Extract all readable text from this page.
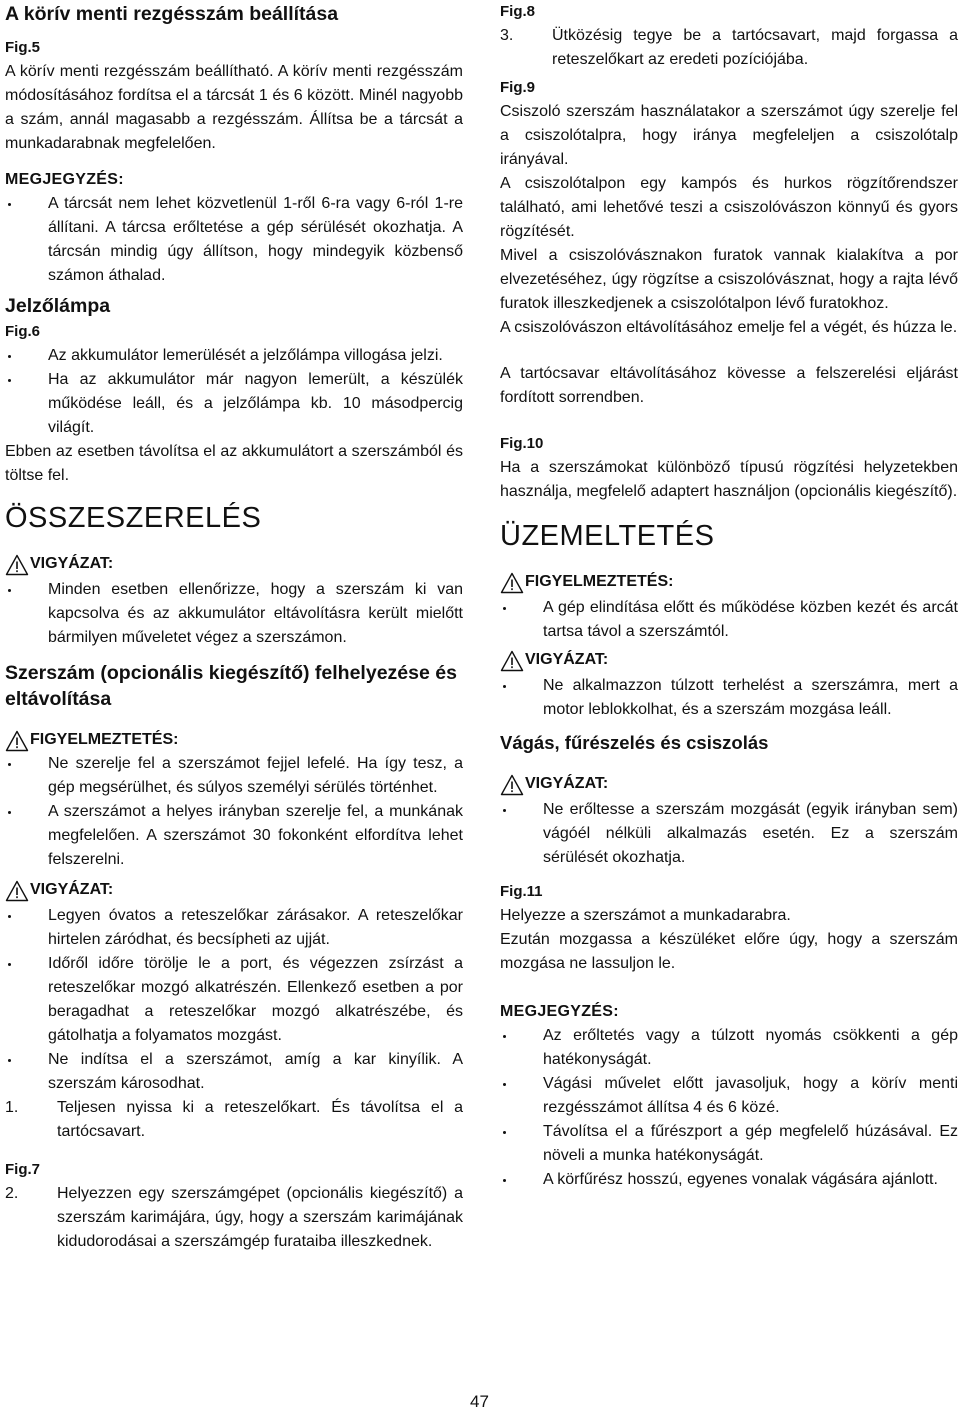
A körív menti rezgésszám beállítása
Fig.5
A körív menti rezgésszám beállítható. A körív menti rezgésszám módosításához fordítsa el a tárcsát 1 és 6 között. Minél nagyobb a szám, annál magasabb a rezgésszám. Állítsa be a tárcsát a munkadarabnak megfelelően.
MEGJEGYZÉS:
A tárcsát nem lehet közvetlenül 1-ről 6-ra vagy 6-ról 1-re állítani. A tárcsa erőltetése a gép sérülését okozhatja. A tárcsán mindig úgy állítson, hogy mindegyik közbenső számon áthalad.
Jelzőlámpa
Fig.6
Az akkumulátor lemerülését a jelzőlámpa villogása jelzi.
Ha az akkumulátor már nagyon lemerült, a készülék működése leáll, és a jelzőlámpa kb. 10 másodpercig világít.
Ebben az esetben távolítsa el az akkumulátort a szerszámból és töltse fel.
ÖSSZESZERELÉS
VIGYÁZAT:
Minden esetben ellenőrizze, hogy a szerszám ki van kapcsolva és az akkumulátor eltávolításra került mielőtt bármilyen műveletet végez a szerszámon.
Szerszám (opcionális kiegészítő) felhelyezése és eltávolítása
FIGYELMEZTETÉS:
Ne szerelje fel a szerszámot fejjel lefelé. Ha így tesz, a gép megsérülhet, és súlyos személyi sérülés történhet.
A szerszámot a helyes irányban szerelje fel, a munkának megfelelően. A szerszámot 30 fokonként elfordítva lehet felszerelni.
VIGYÁZAT:
Legyen óvatos a reteszelőkar zárásakor. A reteszelőkar hirtelen záródhat, és becsípheti az ujját.
Időről időre törölje le a port, és végezzen zsírzást a reteszelőkar mozgó alkatrészén. Ellenkező esetben a por beragadhat a reteszelőkar mozgó alkatrészébe, és gátolhatja a folyamatos mozgást.
Ne indítsa el a szerszámot, amíg a kar kinyílik. A szerszám károsodhat.
1.	Teljesen nyissa ki a reteszelőkart. És távolítsa el a tartócsavart.
Fig.7
2.	Helyezzen egy szerszámgépet (opcionális kiegészítő) a szerszám karimájára, úgy, hogy a szerszám karimájának kidudorodásai a szerszámgép furataiba illeszkednek.
Fig.8
3.	Ütközésig tegye be a tartócsavart, majd forgassa a reteszelőkart az eredeti pozíciójába.
Fig.9
Csiszoló szerszám használatakor a szerszámot úgy szerelje fel a csiszolótalpra, hogy iránya megfeleljen a csiszolótalp irányával.
A csiszolótalpon egy kampós és hurkos rögzítőrendszer található, ami lehetővé teszi a csiszolóvászon könnyű és gyors rögzítését.
Mivel a csiszolóvásznakon furatok vannak kialakítva a por elvezetéséhez, úgy rögzítse a csiszolóvásznat, hogy a rajta lévő furatok illeszkedjenek a csiszolótalpon lévő furatokhoz.
A csiszolóvászon eltávolításához emelje fel a végét, és húzza le.
A tartócsavar eltávolításához kövesse a felszerelési eljárást fordított sorrendben.
Fig.10
Ha a szerszámokat különböző típusú rögzítési helyzetekben használja, megfelelő adaptert használjon (opcionális kiegészítő).
ÜZEMELTETÉS
FIGYELMEZTETÉS:
A gép elindítása előtt és működése közben kezét és arcát tartsa távol a szerszámtól.
VIGYÁZAT:
Ne alkalmazzon túlzott terhelést a szerszámra, mert a motor leblokkolhat, és a szerszám mozgása leáll.
Vágás, fűrészelés és csiszolás
VIGYÁZAT:
Ne erőltesse a szerszám mozgását (egyik irányban sem) vágóél nélküli alkalmazás esetén. Ez a szerszám sérülését okozhatja.
Fig.11
Helyezze a szerszámot a munkadarabra.
Ezután mozgassa a készüléket előre úgy, hogy a szerszám mozgása ne lassuljon le.
MEGJEGYZÉS:
Az erőltetés vagy a túlzott nyomás csökkenti a gép hatékonyságát.
Vágási művelet előtt javasoljuk, hogy a körív menti rezgésszámot állítsa 4 és 6 közé.
Távolítsa el a fűrészport a gép megfelelő húzásával. Ez növeli a munka hatékonyságát.
A körfűrész hosszú, egyenes vonalak vágására ajánlott.
47
